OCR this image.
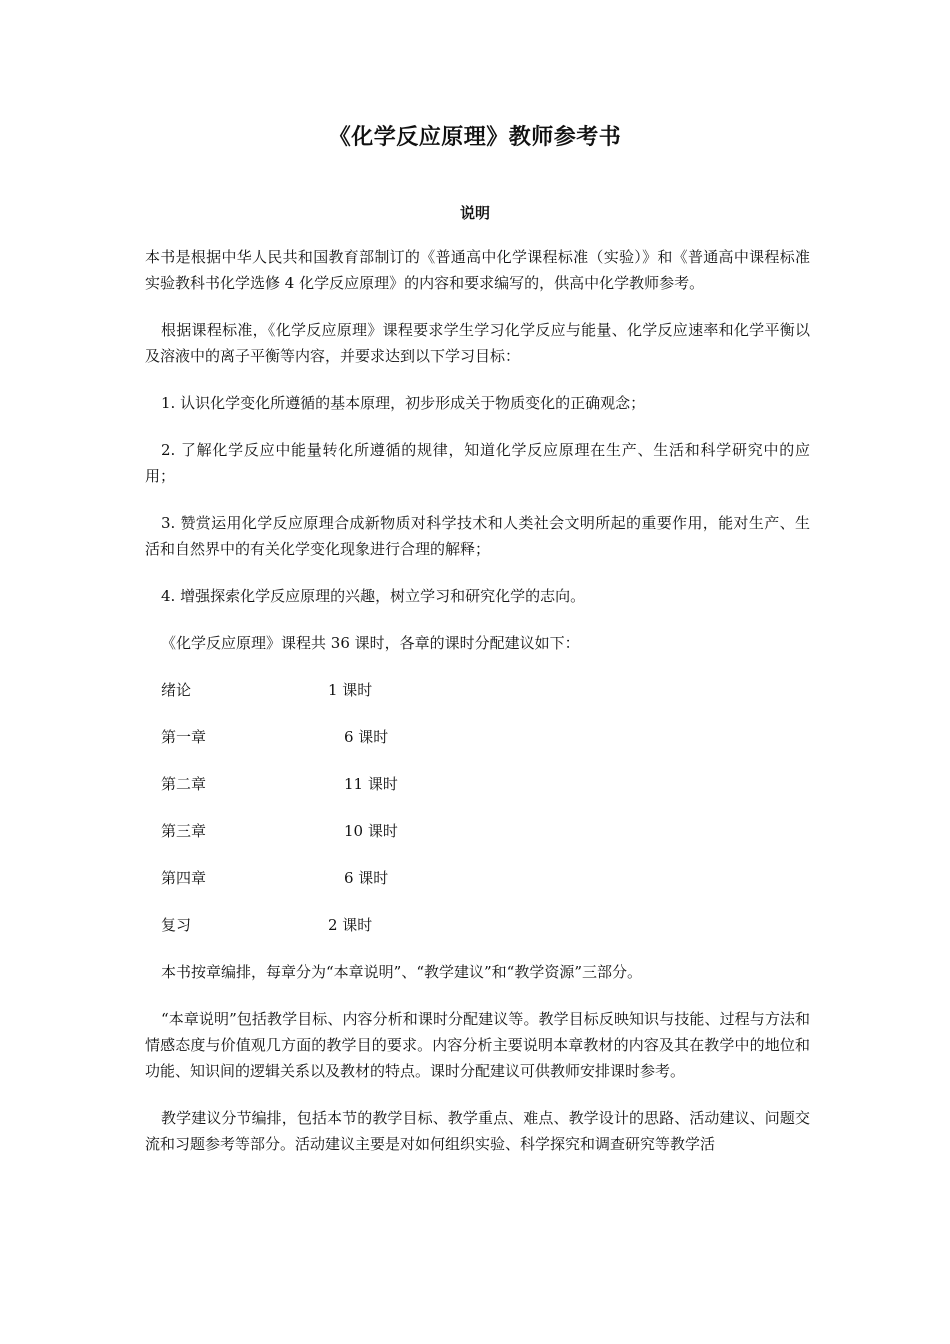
《化学反应原理》教师参考书
说明

本书是根据中华人民共和国教育部制订的《普通高中化学课程标准（实验）》和《普通高中课程标准实验教科书化学选修 4 化学反应原理》的内容和要求编写的，供高中化学教师参考。

根据课程标准，《化学反应原理》课程要求学生学习化学反应与能量、化学反应速率和化学平衡以及溶液中的离子平衡等内容，并要求达到以下学习目标：

1. 认识化学变化所遵循的基本原理，初步形成关于物质变化的正确观念；

2. 了解化学反应中能量转化所遵循的规律，知道化学反应原理在生产、生活和科学研究中的应用；

3. 赞赏运用化学反应原理合成新物质对科学技术和人类社会文明所起的重要作用，能对生产、生活和自然界中的有关化学变化现象进行合理的解释；

4. 增强探索化学反应原理的兴趣，树立学习和研究化学的志向。

《化学反应原理》课程共 36 课时，各章的课时分配建议如下：

绪论	1 课时
第一章	6 课时
第二章	11 课时
第三章	10 课时
第四章	6 课时
复习	2 课时

本书按章编排，每章分为“本章说明”、“教学建议”和“教学资源”三部分。

“本章说明”包括教学目标、内容分析和课时分配建议等。教学目标反映知识与技能、过程与方法和情感态度与价值观几方面的教学目的要求。内容分析主要说明本章教材的内容及其在教学中的地位和功能、知识间的逻辑关系以及教材的特点。课时分配建议可供教师安排课时参考。

教学建议分节编排，包括本节的教学目标、教学重点、难点、教学设计的思路、活动建议、问题交流和习题参考等部分。活动建议主要是对如何组织实验、科学探究和调查研究等教学活
